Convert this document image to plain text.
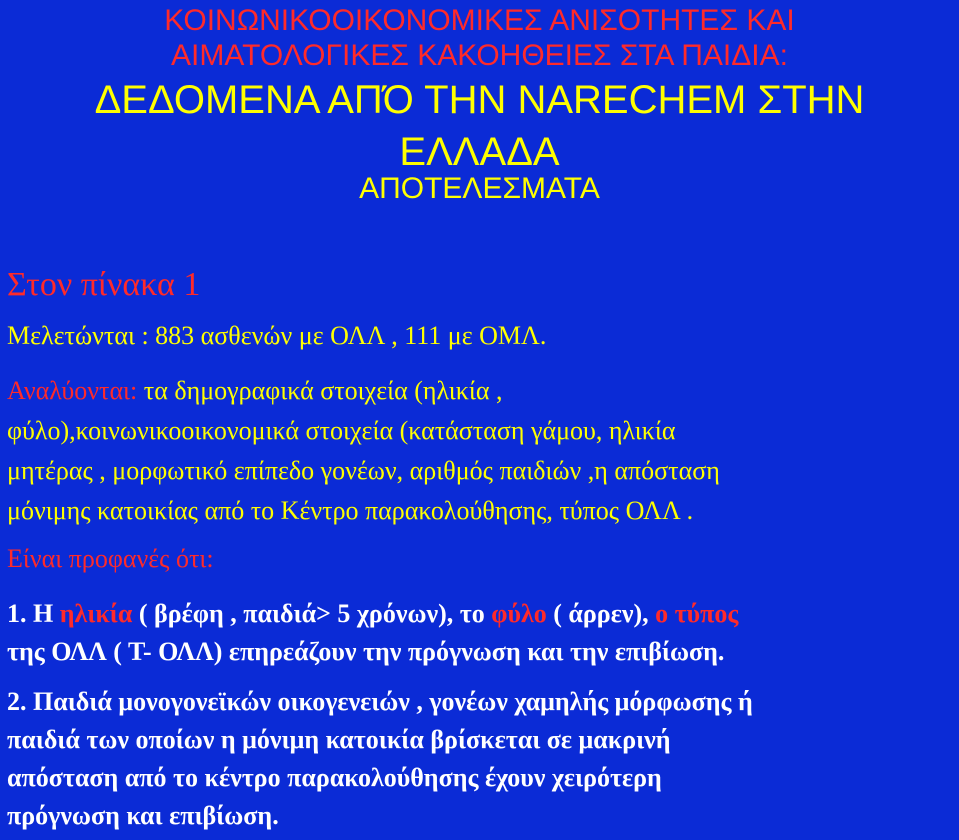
ΚΟΙΝΩΝΙΚΟΟΙΚΟΝΟΜΙΚΕΣ ΑΝΙΣΟΤΗΤΕΣ ΚΑΙ
ΑΙΜΑΤΟΛΟΓΙΚΕΣ ΚΑΚΟΗΘΕΙΕΣ ΣΤΑ ΠΑΙΔΙΑ:
ΔΕΔΟΜΕΝΑ ΑΠΌ ΤΗΝ NARECHEM ΣΤΗΝ
ΕΛΛΑΔΑ
ΑΠΟΤΕΛΕΣΜΑΤΑ
Στον πίνακα 1
Μελετώνται : 883 ασθενών με ΟΛΛ , 111 με ΟΜΛ.
Αναλύονται: τα δημογραφικά στοιχεία (ηλικία ,
φύλο),κοινωνικοοικονομικά στοιχεία (κατάσταση γάμου, ηλικία
μητέρας , μορφωτικό επίπεδο γονέων, αριθμός παιδιών ,η απόσταση
μόνιμης κατοικίας από το Κέντρο παρακολούθησης, τύπος ΟΛΛ .
Είναι προφανές ότι:
1. Η ηλικία ( βρέφη , παιδιά> 5 χρόνων), το φύλο ( άρρεν), ο τύπος
της ΟΛΛ ( Τ- ΟΛΛ) επηρεάζουν την πρόγνωση και την επιβίωση.
2. Παιδιά μονογονεϊκών οικογενειών , γονέων χαμηλής μόρφωσης ή
παιδιά των οποίων η μόνιμη κατοικία βρίσκεται σε μακρινή
απόσταση από το κέντρο παρακολούθησης έχουν χειρότερη
πρόγνωση και επιβίωση.
